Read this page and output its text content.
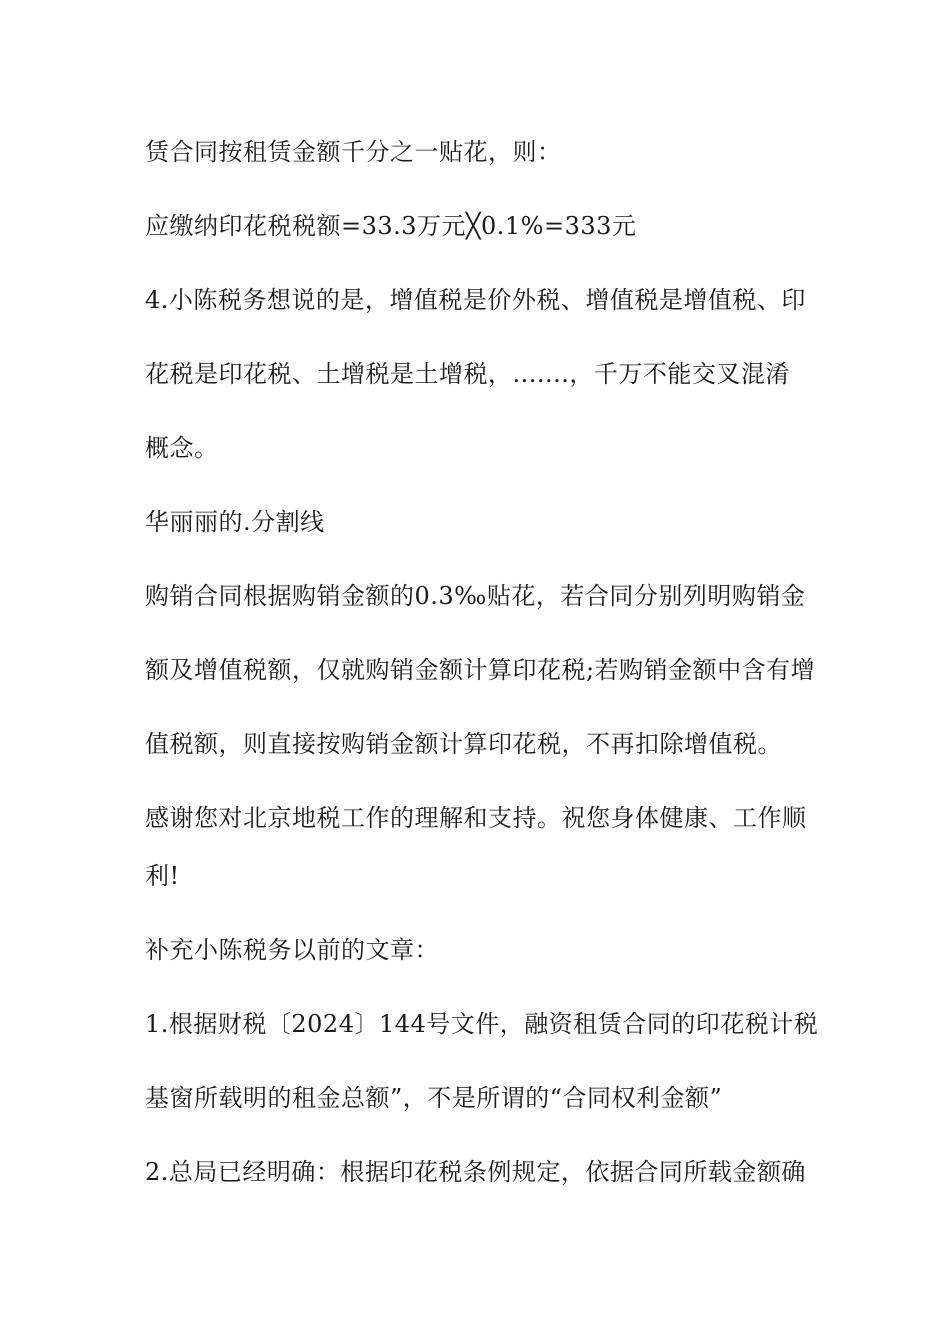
赁合同按租赁金额千分之一贴花，则：
应缴纳印花税税额=33.3万元╳0.1%=333元
4.小陈税务想说的是，增值税是价外税、增值税是增值税、印
花税是印花税、土增税是土增税，.......，千万不能交叉混淆
概念。
华丽丽的.分割线
购销合同根据购销金额的0.3‰贴花，若合同分别列明购销金
额及增值税额，仅就购销金额计算印花税;若购销金额中含有增
值税额，则直接按购销金额计算印花税，不再扣除增值税。
感谢您对北京地税工作的理解和支持。祝您身体健康、工作顺
利!
补充小陈税务以前的文章：
1.根据财税〔2024〕144号文件，融资租赁合同的印花税计税
基窗所载明的租金总额”，不是所谓的“合同权利金额”
2.总局已经明确：根据印花税条例规定，依据合同所载金额确
